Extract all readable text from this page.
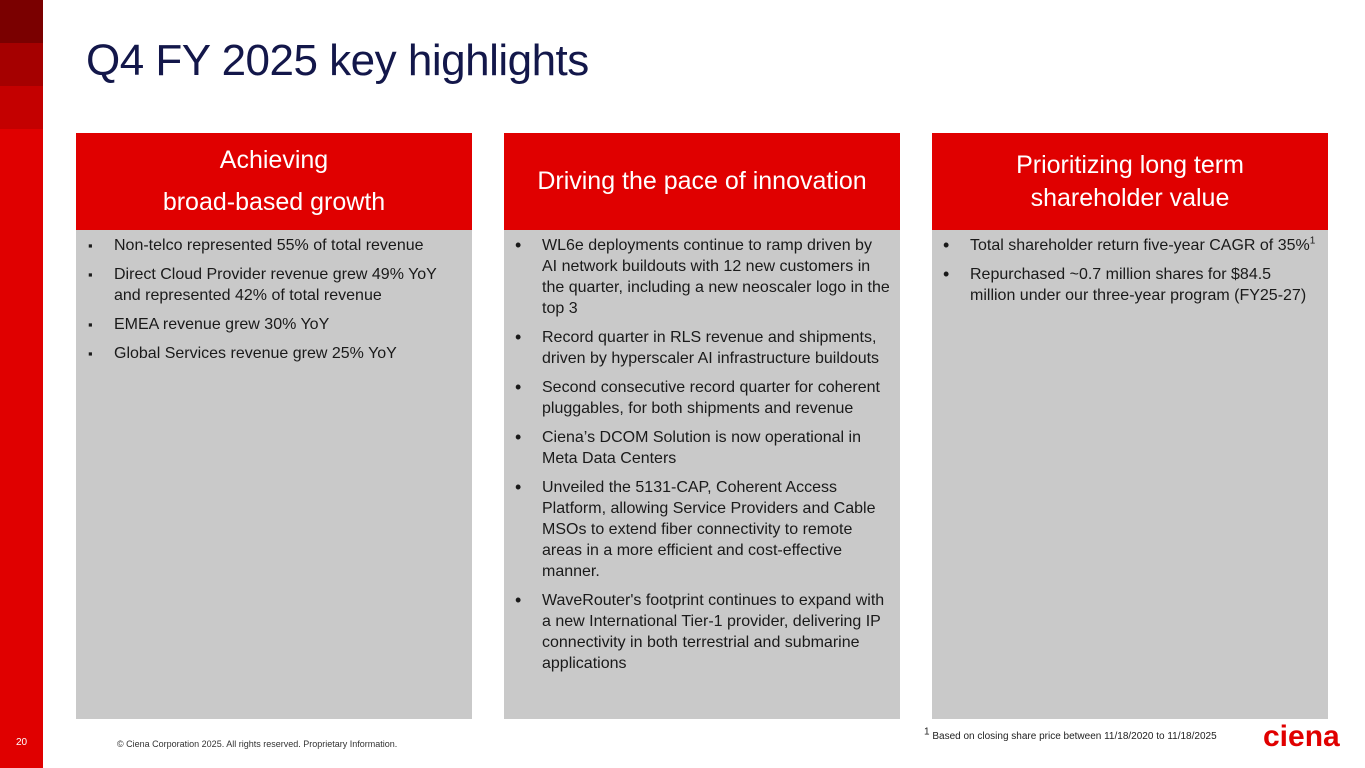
20
Q4 FY 2025 key highlights
Achieving
broad-based growth
▪ Non-telco represented 55% of total revenue
▪ Direct Cloud Provider revenue grew 49% YoY and represented 42% of total revenue
▪ EMEA revenue grew 30% YoY
▪ Global Services revenue grew 25% YoY
Driving the pace of innovation
• WL6e deployments continue to ramp driven by AI network buildouts with 12 new customers in the quarter, including a new neoscaler logo in the top 3
• Record quarter in RLS revenue and shipments, driven by hyperscaler AI infrastructure buildouts
• Second consecutive record quarter for coherent pluggables, for both shipments and revenue
• Ciena’s DCOM Solution is now operational in Meta Data Centers
• Unveiled the 5131-CAP, Coherent Access Platform, allowing Service Providers and Cable MSOs to extend fiber connectivity to remote areas in a more efficient and cost-effective manner.
• WaveRouter's footprint continues to expand with a new International Tier-1 provider, delivering IP connectivity in both terrestrial and submarine applications
Prioritizing long term
shareholder value
• Total shareholder return five-year CAGR of 35%$^1$
• Repurchased ~0.7 million shares for $84.5 million under our three-year program (FY25-27)
© Ciena Corporation 2025. All rights reserved. Proprietary Information.
$^1$ Based on closing share price between 11/18/2020 to 11/18/2025 ciena
